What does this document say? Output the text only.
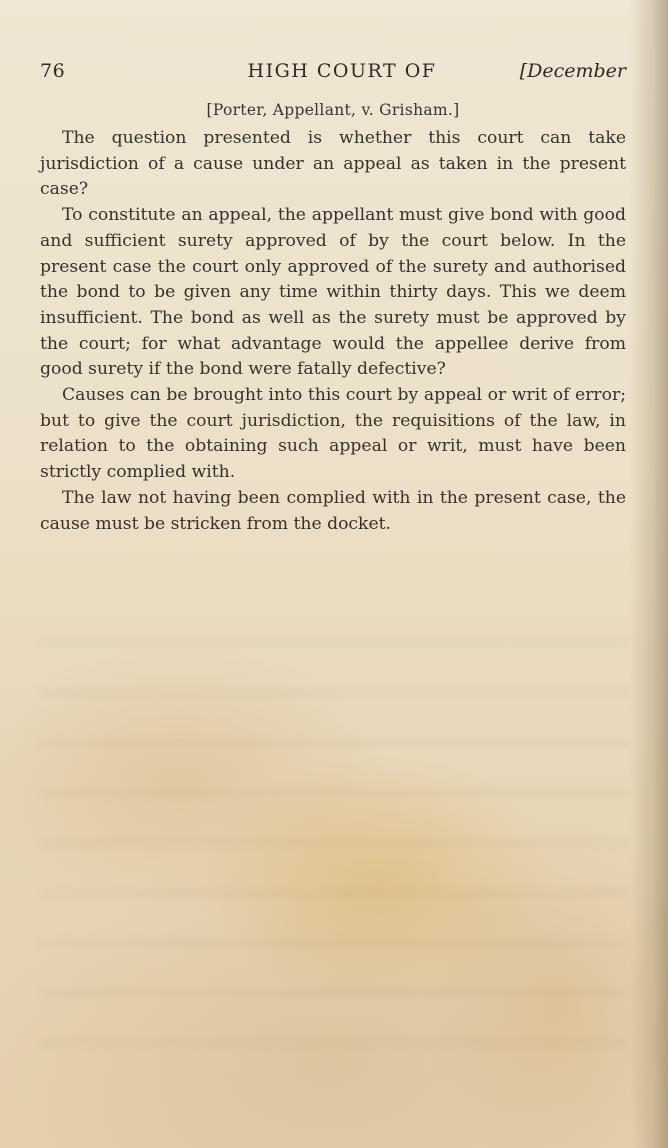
76	HIGH COURT OF	[December
[Porter, Appellant, v. Grisham.]

The question presented is whether this court can take jurisdiction of a cause under an appeal as taken in the present case?

To constitute an appeal, the appellant must give bond with good and sufficient surety approved of by the court below. In the present case the court only approved of the surety and authorised the bond to be given any time within thirty days. This we deem insufficient. The bond as well as the surety must be approved by the court; for what advantage would the appellee derive from good surety if the bond were fatally defective?

Causes can be brought into this court by appeal or writ of error; but to give the court jurisdiction, the requisitions of the law, in relation to the obtaining such appeal or writ, must have been strictly complied with.

The law not having been complied with in the present case, the cause must be stricken from the docket.
